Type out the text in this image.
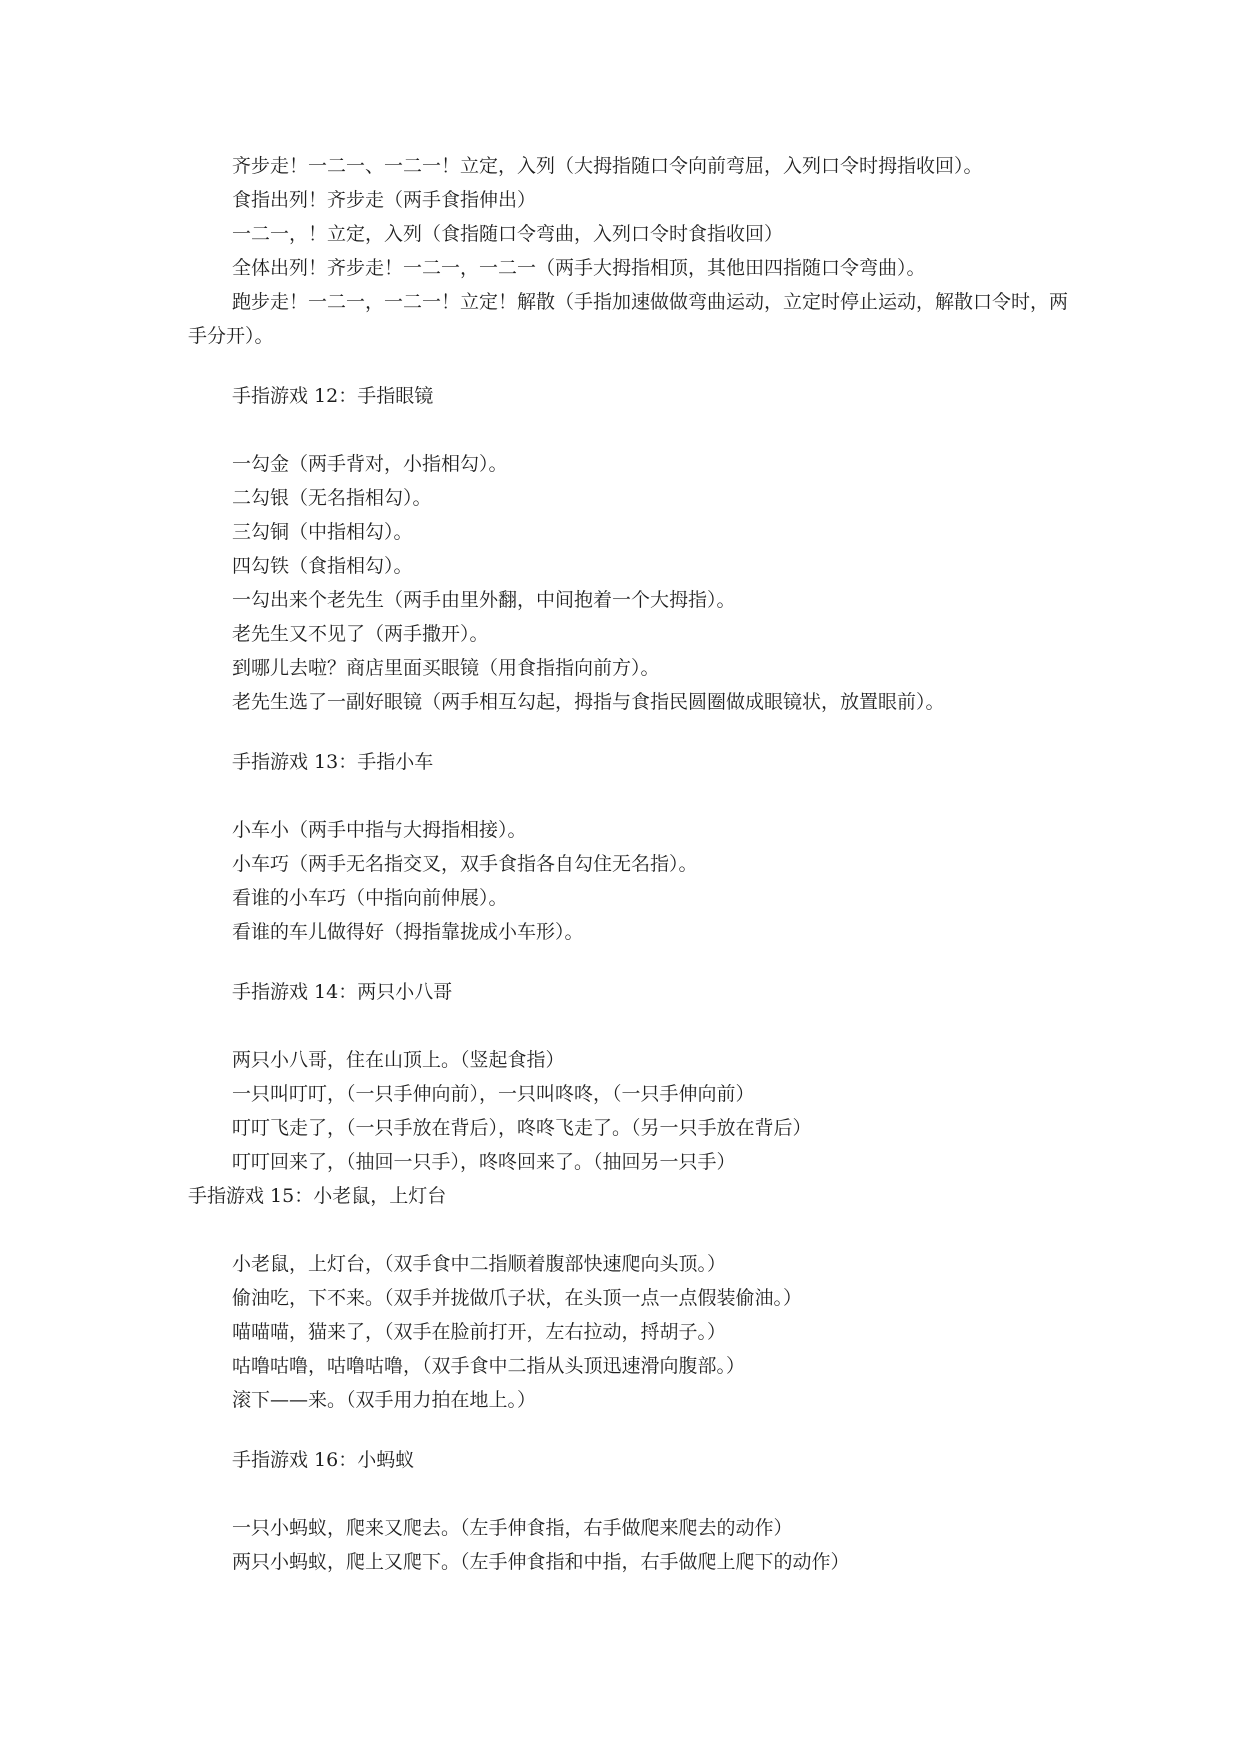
齐步走！一二一、一二一！立定，入列（大拇指随口令向前弯屈，入列口令时拇指收回）。

食指出列！齐步走（两手食指伸出）

一二一，！立定，入列（食指随口令弯曲，入列口令时食指收回）

全体出列！齐步走！一二一，一二一（两手大拇指相顶，其他田四指随口令弯曲）。

跑步走！一二一，一二一！立定！解散（手指加速做做弯曲运动，立定时停止运动，解散口令时，两手分开）。

手指游戏 12：手指眼镜

一勾金（两手背对，小指相勾）。

二勾银（无名指相勾）。

三勾铜（中指相勾）。

四勾铁（食指相勾）。

一勾出来个老先生（两手由里外翻，中间抱着一个大拇指）。

老先生又不见了（两手撒开）。

到哪儿去啦？商店里面买眼镜（用食指指向前方）。

老先生选了一副好眼镜（两手相互勾起，拇指与食指民圆圈做成眼镜状，放置眼前）。

手指游戏 13：手指小车

小车小（两手中指与大拇指相接）。

小车巧（两手无名指交叉，双手食指各自勾住无名指）。

看谁的小车巧（中指向前伸展）。

看谁的车儿做得好（拇指靠拢成小车形）。

手指游戏 14：两只小八哥

两只小八哥，住在山顶上。（竖起食指）

一只叫叮叮，（一只手伸向前），一只叫咚咚，（一只手伸向前）

叮叮飞走了，（一只手放在背后），咚咚飞走了。（另一只手放在背后）

叮叮回来了，（抽回一只手），咚咚回来了。（抽回另一只手）

手指游戏 15：小老鼠，上灯台

小老鼠，上灯台，（双手食中二指顺着腹部快速爬向头顶。）

偷油吃，下不来。（双手并拢做爪子状，在头顶一点一点假装偷油。）

喵喵喵，猫来了，（双手在脸前打开，左右拉动，捋胡子。）

咕噜咕噜，咕噜咕噜，（双手食中二指从头顶迅速滑向腹部。）

滚下——来。（双手用力拍在地上。）

手指游戏 16：小蚂蚁

一只小蚂蚁，爬来又爬去。（左手伸食指，右手做爬来爬去的动作）

两只小蚂蚁，爬上又爬下。（左手伸食指和中指，右手做爬上爬下的动作）
